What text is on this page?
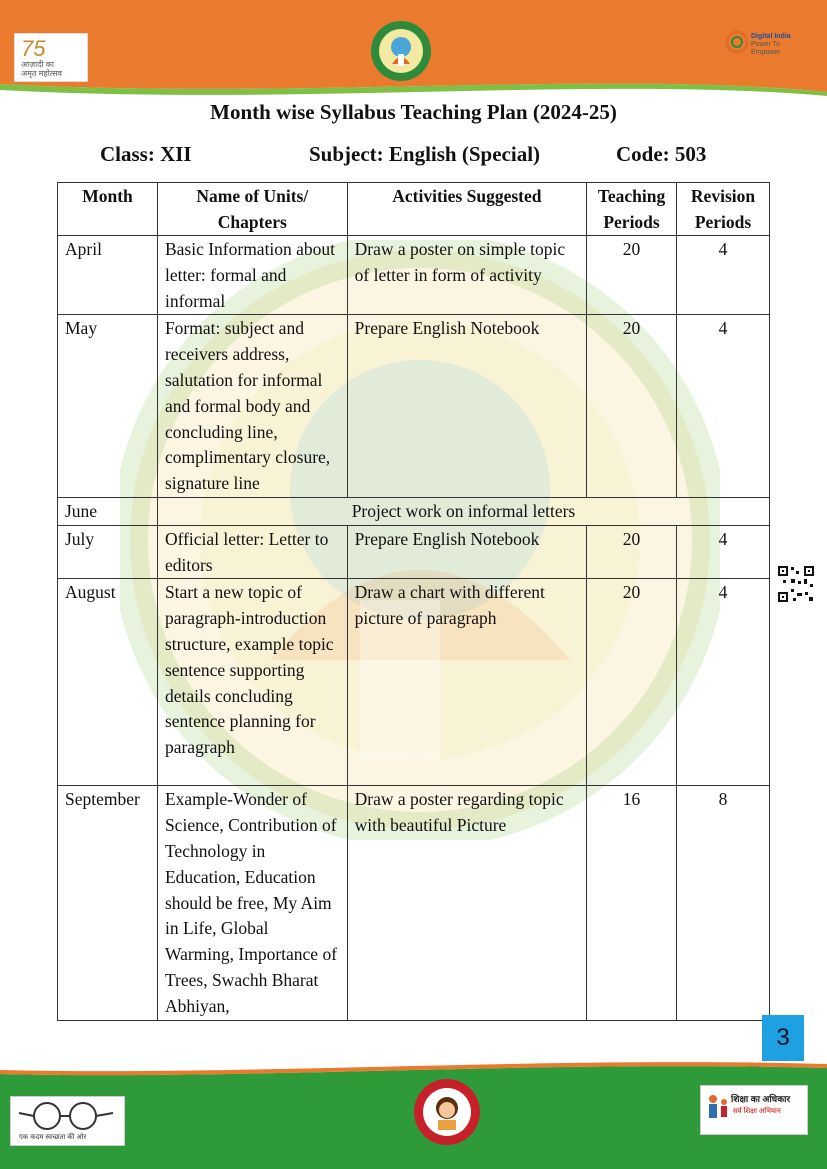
75
आज़ादी का
अमृत महोत्सव
Digital India
Power To Empower
Month wise Syllabus Teaching Plan (2024-25)
Class: XII	Subject: English (Special)	Code: 503
Month	Name of Units/ Chapters	Activities Suggested	Teaching Periods	Revision Periods
April	Basic Information about letter: formal and informal	Draw a poster on simple topic of letter in form of activity	20	4
May	Format: subject and receivers address, salutation for informal and formal body and concluding line, complimentary closure, signature line	Prepare English Notebook	20	4
June	Project work on informal letters			
July	Official letter: Letter to editors	Prepare English Notebook	20	4
August	Start a new topic of paragraph-introduction structure, example topic sentence supporting details concluding sentence planning for paragraph	Draw a chart with different picture of paragraph	20	4
September	Example-Wonder of Science, Contribution of Technology in Education, Education should be free, My Aim in Life, Global Warming, Importance of Trees, Swachh Bharat Abhiyan,	Draw a poster regarding topic with beautiful Picture	16	8
3
एक कदम स्वच्छता की ओर
शिक्षा का अधिकार
सर्व शिक्षा अभियान
